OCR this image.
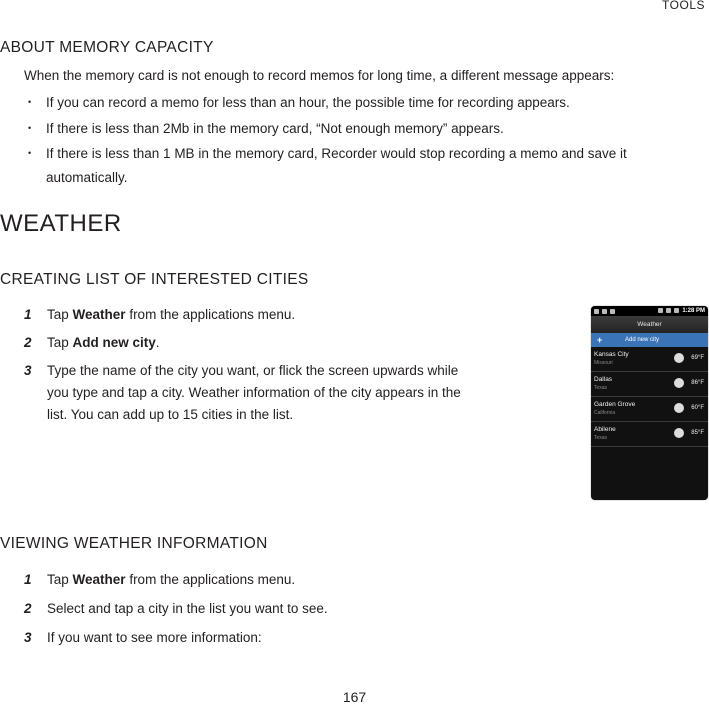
TOOLS
ABOUT MEMORY CAPACITY
When the memory card is not enough to record memos for long time, a different message appears:
• If you can record a memo for less than an hour, the possible time for recording appears.
• If there is less than 2Mb in the memory card, “Not enough memory” appears.
• If there is less than 1 MB in the memory card, Recorder would stop recording a memo and save it automatically.
WEATHER
CREATING LIST OF INTERESTED CITIES
1 Tap Weather from the applications menu.
2 Tap Add new city.
3 Type the name of the city you want, or flick the screen upwards while
you type and tap a city. Weather information of the city appears in the
list. You can add up to 15 cities in the list.
1:28 PM
Weather
+	Add new city
Kansas City
Missouri
69°F
Dallas
Texas
86°F
Garden Grove
California
60°F
Abilene
Texas
85°F
VIEWING WEATHER INFORMATION
1 Tap Weather from the applications menu.
2 Select and tap a city in the list you want to see.
3 If you want to see more information:
167
